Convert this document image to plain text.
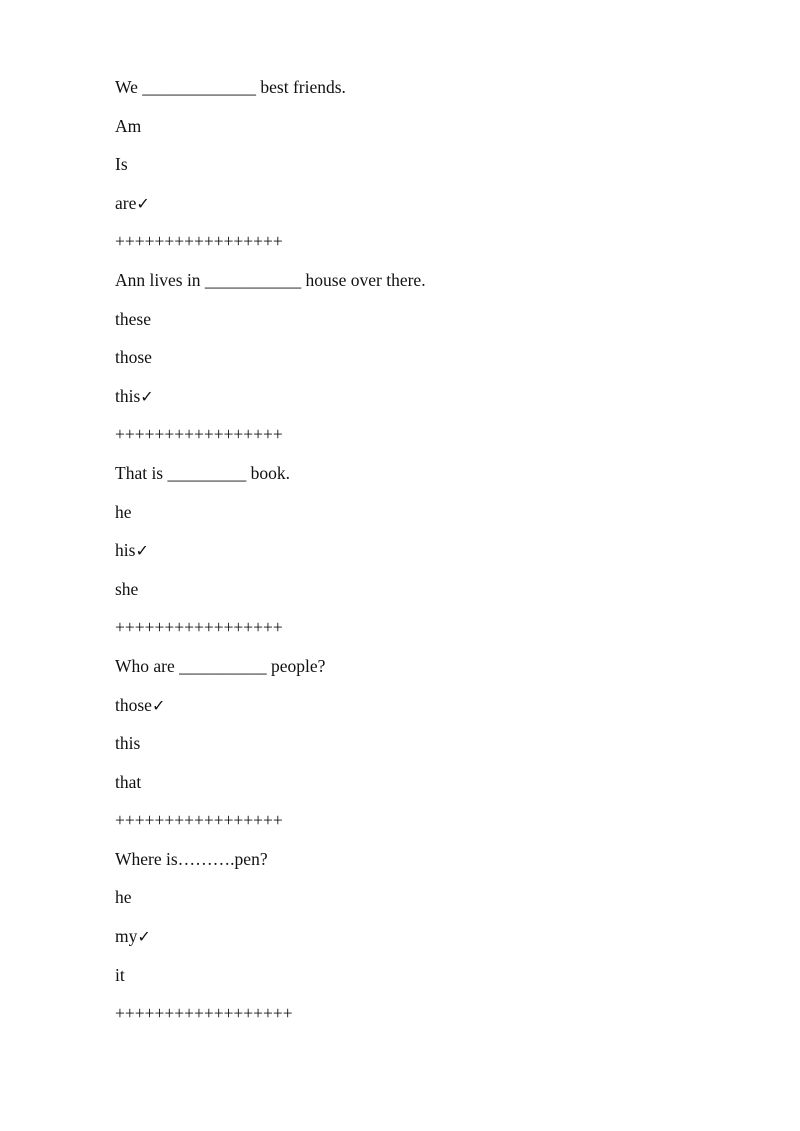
We _____________ best friends.
Am
Is
are✓
+++++++++++++++++
Ann lives in ___________ house over there.
these
those
this✓
+++++++++++++++++
That is _________ book.
he
his✓
she
+++++++++++++++++
Who are __________ people?
those✓
this
that
+++++++++++++++++
Where is……….pen?
he
my✓
it
++++++++++++++++++
